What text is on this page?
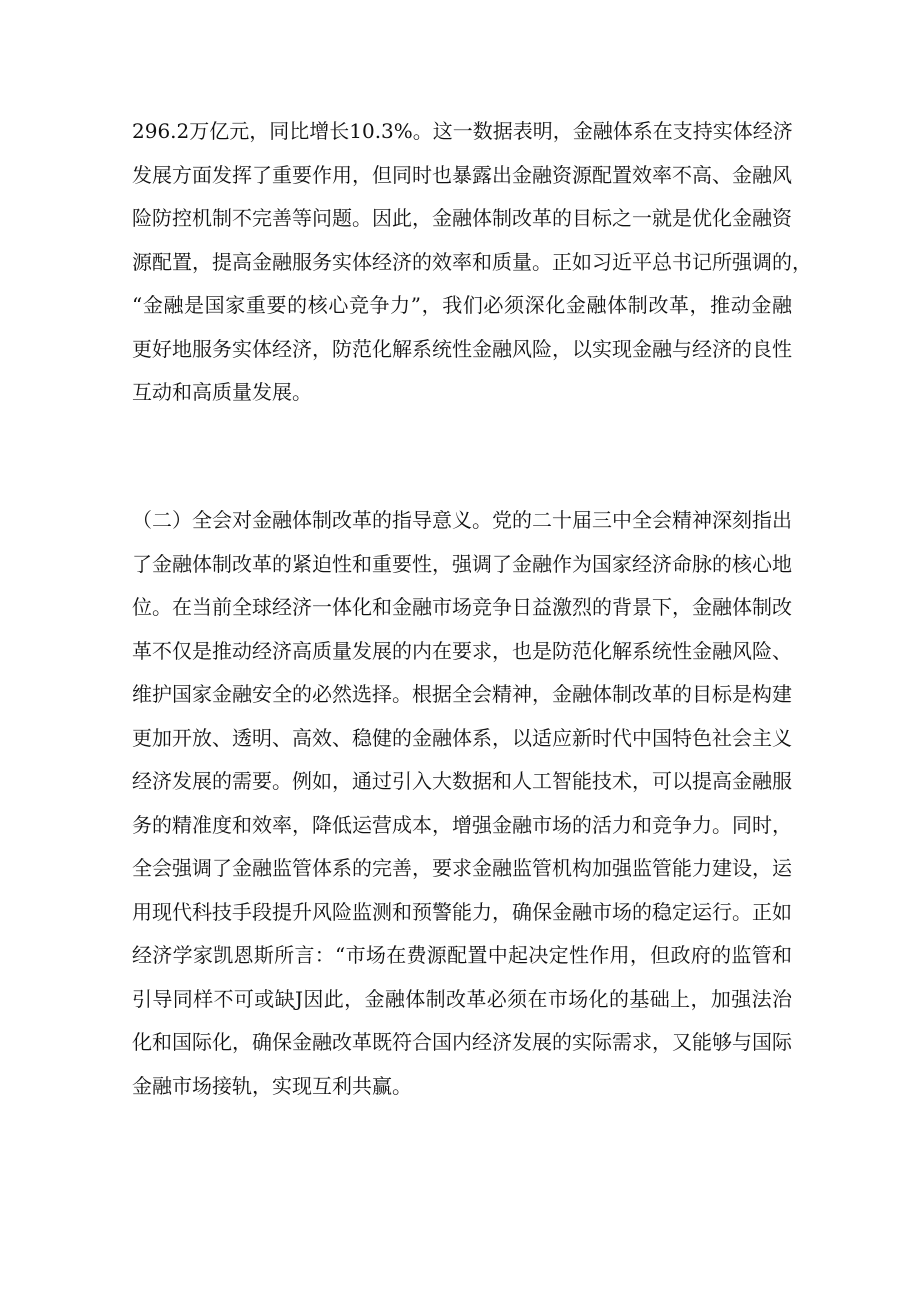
296.2万亿元，同比增长10.3%。这一数据表明，金融体系在支持实体经济
发展方面发挥了重要作用，但同时也暴露出金融资源配置效率不高、金融风
险防控机制不完善等问题。因此，金融体制改革的目标之一就是优化金融资
源配置，提高金融服务实体经济的效率和质量。正如习近平总书记所强调的，
“金融是国家重要的核心竞争力”，我们必须深化金融体制改革，推动金融
更好地服务实体经济，防范化解系统性金融风险，以实现金融与经济的良性
互动和高质量发展。
（二）全会对金融体制改革的指导意义。党的二十届三中全会精神深刻指出
了金融体制改革的紧迫性和重要性，强调了金融作为国家经济命脉的核心地
位。在当前全球经济一体化和金融市场竞争日益激烈的背景下，金融体制改
革不仅是推动经济高质量发展的内在要求，也是防范化解系统性金融风险、
维护国家金融安全的必然选择。根据全会精神，金融体制改革的目标是构建
更加开放、透明、高效、稳健的金融体系，以适应新时代中国特色社会主义
经济发展的需要。例如，通过引入大数据和人工智能技术，可以提高金融服
务的精准度和效率，降低运营成本，增强金融市场的活力和竞争力。同时，
全会强调了金融监管体系的完善，要求金融监管机构加强监管能力建设，运
用现代科技手段提升风险监测和预警能力，确保金融市场的稳定运行。正如
经济学家凯恩斯所言：“市场在费源配置中起决定性作用，但政府的监管和
引导同样不可或缺J因此，金融体制改革必须在市场化的基础上，加强法治
化和国际化，确保金融改革既符合国内经济发展的实际需求，又能够与国际
金融市场接轨，实现互利共赢。
